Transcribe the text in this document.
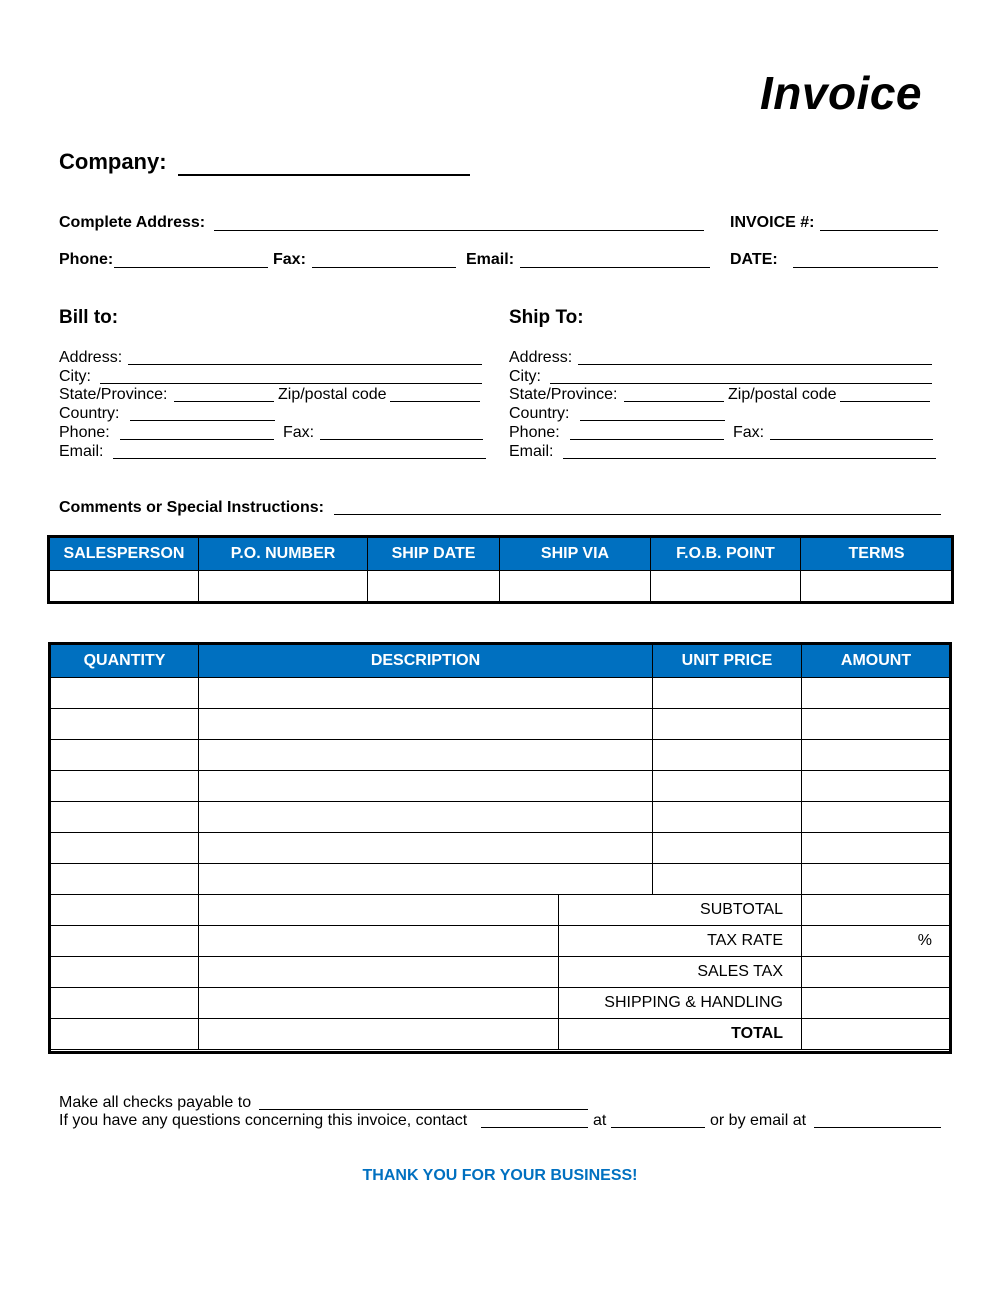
Invoice
Company:
Complete Address:	INVOICE #:
Phone:	Fax:	Email:	DATE:
Bill to:
Address:
City:
State/Province:	Zip/postal code
Country:
Phone:	Fax:
Email:
Ship To:
Address:
City:
State/Province:	Zip/postal code
Country:
Phone:	Fax:
Email:
Comments or Special Instructions:
SALESPERSON	P.O. NUMBER	SHIP DATE	SHIP VIA	F.O.B. POINT	TERMS

QUANTITY	DESCRIPTION		UNIT PRICE	AMOUNT

		SUBTOTAL		
		TAX RATE		%
		SALES TAX		
		SHIPPING & HANDLING		
		TOTAL		
Make all checks payable to
If you have any questions concerning this invoice, contact	at	or by email at
THANK YOU FOR YOUR BUSINESS!
